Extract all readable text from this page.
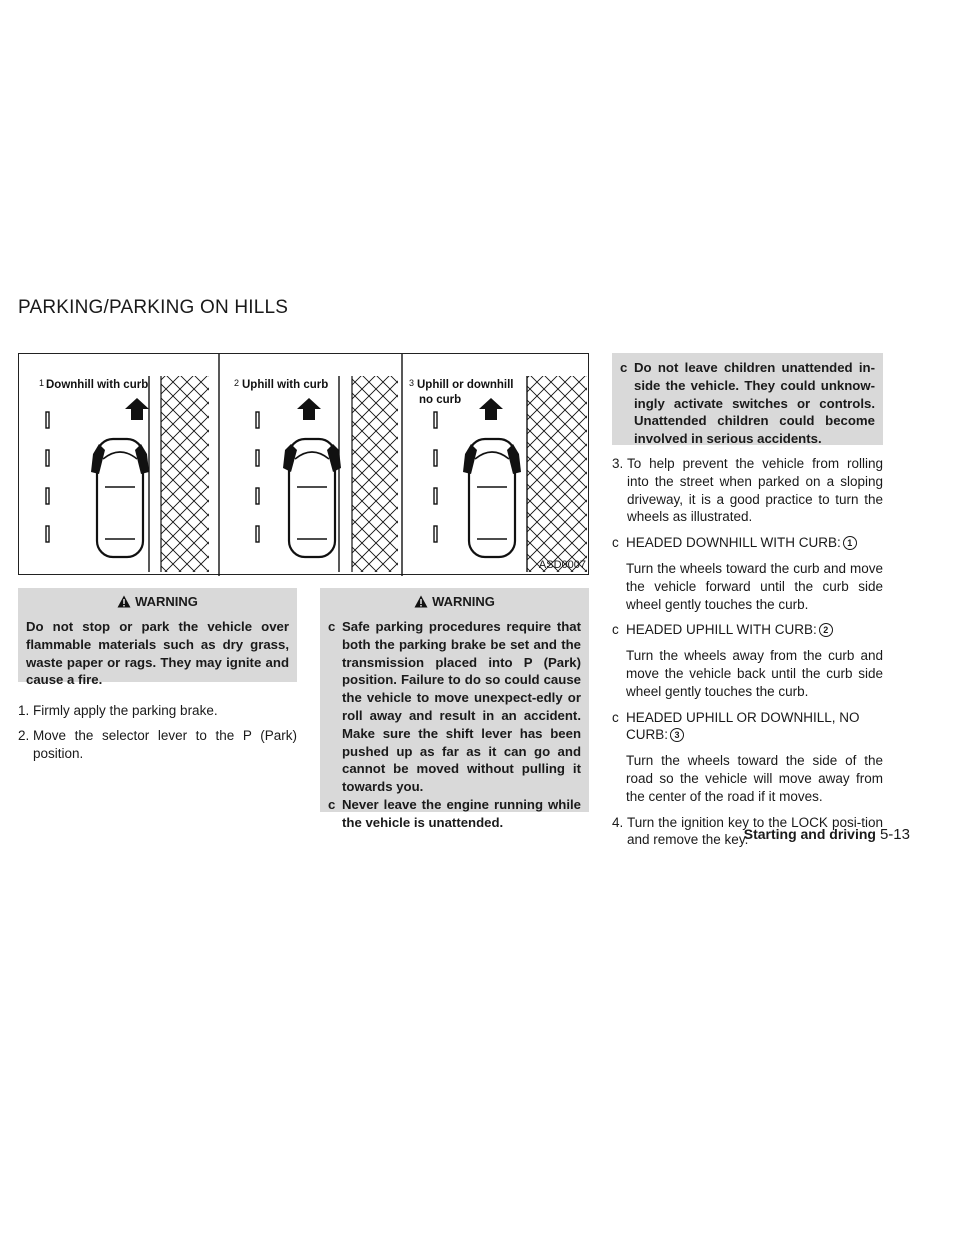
PARKING/PARKING ON HILLS
1 Downhill with curb	2 Uphill with curb	3 Uphill or downhill
no curb
ASD0007
WARNING
Do not stop or park the vehicle over flammable materials such as dry grass, waste paper or rags. They may ignite and cause a fire.
1. Firmly apply the parking brake.
2. Move the selector lever to the P (Park) position.
WARNING
c Safe parking procedures require that both the parking brake be set and the transmission placed into P (Park) position. Failure to do so could cause the vehicle to move unexpect-edly or roll away and result in an accident. Make sure the shift lever has been pushed up as far as it can go and cannot be moved without pulling it towards you.
c Never leave the engine running while the vehicle is unattended.
c Do not leave children unattended in-side the vehicle. They could unknow-ingly activate switches or controls. Unattended children could become involved in serious accidents.
3. To help prevent the vehicle from rolling into the street when parked on a sloping driveway, it is a good practice to turn the wheels as illustrated.
c HEADED DOWNHILL WITH CURB: 1
Turn the wheels toward the curb and move the vehicle forward until the curb side wheel gently touches the curb.
c HEADED UPHILL WITH CURB: 2
Turn the wheels away from the curb and move the vehicle back until the curb side wheel gently touches the curb.
c HEADED UPHILL OR DOWNHILL, NO CURB: 3
Turn the wheels toward the side of the road so the vehicle will move away from the center of the road if it moves.
4. Turn the ignition key to the LOCK posi-tion and remove the key.
Starting and driving 5-13
